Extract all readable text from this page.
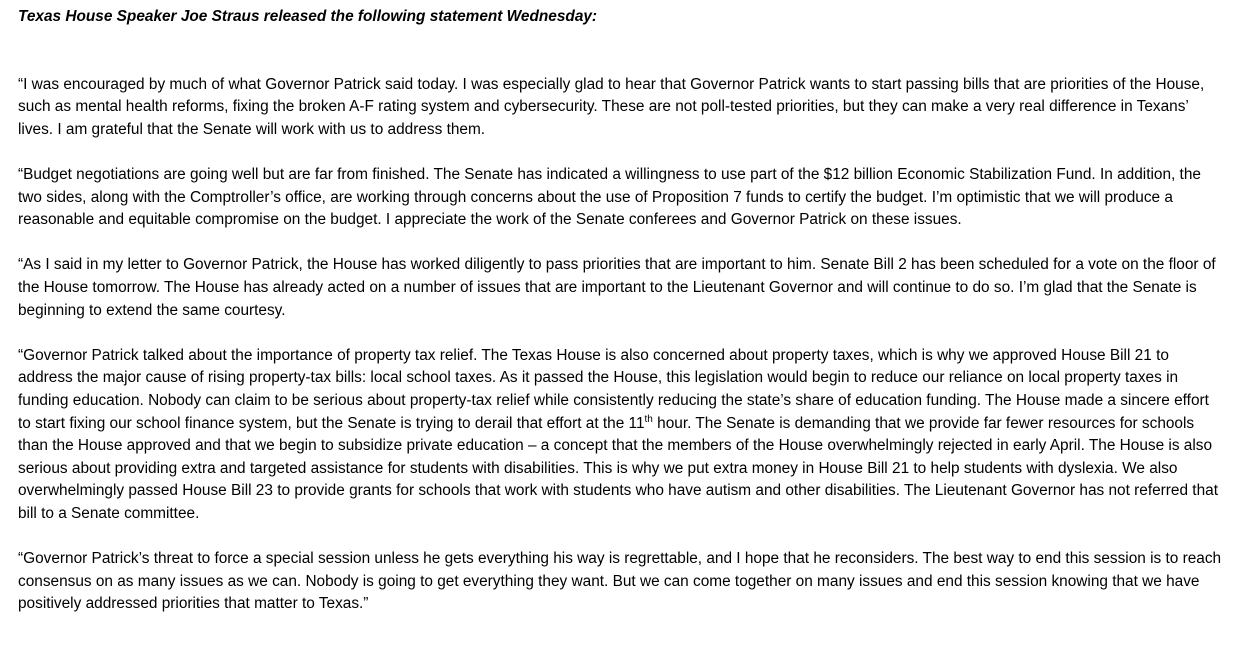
Texas House Speaker Joe Straus released the following statement Wednesday:

“I was encouraged by much of what Governor Patrick said today. I was especially glad to hear that Governor Patrick wants to start passing bills that are priorities of the House, such as mental health reforms, fixing the broken A-F rating system and cybersecurity. These are not poll-tested priorities, but they can make a very real difference in Texans’ lives. I am grateful that the Senate will work with us to address them.

“Budget negotiations are going well but are far from finished. The Senate has indicated a willingness to use part of the $12 billion Economic Stabilization Fund. In addition, the two sides, along with the Comptroller’s office, are working through concerns about the use of Proposition 7 funds to certify the budget. I’m optimistic that we will produce a reasonable and equitable compromise on the budget. I appreciate the work of the Senate conferees and Governor Patrick on these issues.

“As I said in my letter to Governor Patrick, the House has worked diligently to pass priorities that are important to him. Senate Bill 2 has been scheduled for a vote on the floor of the House tomorrow. The House has already acted on a number of issues that are important to the Lieutenant Governor and will continue to do so. I’m glad that the Senate is beginning to extend the same courtesy.

“Governor Patrick talked about the importance of property tax relief. The Texas House is also concerned about property taxes, which is why we approved House Bill 21 to address the major cause of rising property-tax bills: local school taxes. As it passed the House, this legislation would begin to reduce our reliance on local property taxes in funding education. Nobody can claim to be serious about property-tax relief while consistently reducing the state’s share of education funding. The House made a sincere effort to start fixing our school finance system, but the Senate is trying to derail that effort at the 11th hour. The Senate is demanding that we provide far fewer resources for schools than the House approved and that we begin to subsidize private education – a concept that the members of the House overwhelmingly rejected in early April. The House is also serious about providing extra and targeted assistance for students with disabilities. This is why we put extra money in House Bill 21 to help students with dyslexia. We also overwhelmingly passed House Bill 23 to provide grants for schools that work with students who have autism and other disabilities. The Lieutenant Governor has not referred that bill to a Senate committee.

“Governor Patrick’s threat to force a special session unless he gets everything his way is regrettable, and I hope that he reconsiders. The best way to end this session is to reach consensus on as many issues as we can. Nobody is going to get everything they want. But we can come together on many issues and end this session knowing that we have positively addressed priorities that matter to Texas.”
